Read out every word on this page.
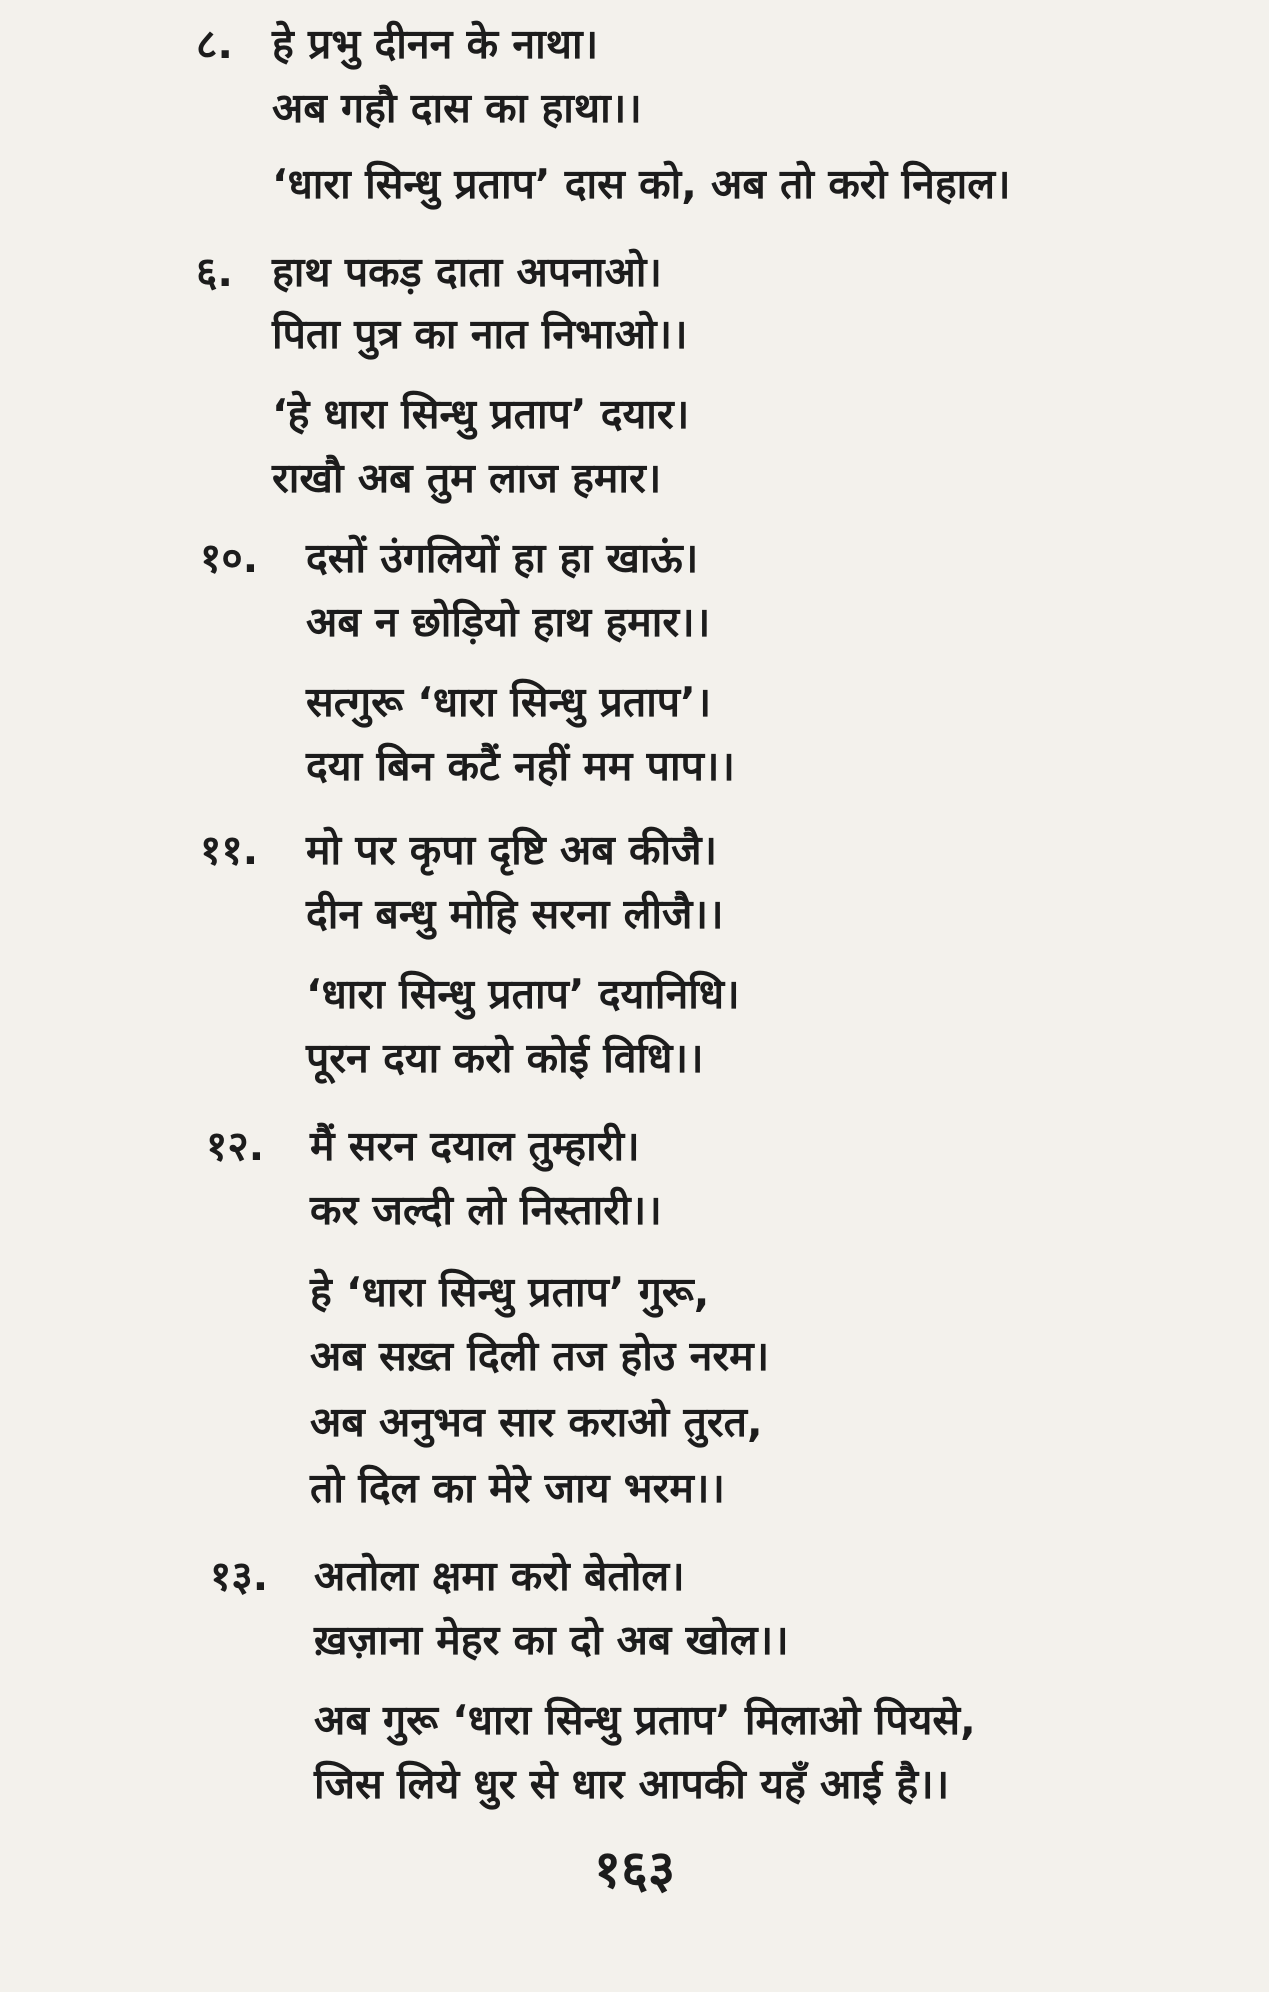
८. हे प्रभु दीनन के नाथा।
अब गहौ दास का हाथा।।
‘धारा सिन्धु प्रताप’ दास को, अब तो करो निहाल।
६. हाथ पकड़ दाता अपनाओ।
पिता पुत्र का नात निभाओ।।
‘हे धारा सिन्धु प्रताप’ दयार।
राखौ अब तुम लाज हमार।
१०. दसों उंगलियों हा हा खाऊं।
अब न छोड़ियो हाथ हमार।।
सत्गुरू ‘धारा सिन्धु प्रताप’।
दया बिन कटैं नहीं मम पाप।।
११. मो पर कृपा दृष्टि अब कीजै।
दीन बन्धु मोहि सरना लीजै।।
‘धारा सिन्धु प्रताप’ दयानिधि।
पूरन दया करो कोई विधि।।
१२. मैं सरन दयाल तुम्हारी।
कर जल्दी लो निस्तारी।।
हे ‘धारा सिन्धु प्रताप’ गुरू,
अब सख़्त दिली तज होउ नरम।
अब अनुभव सार कराओ तुरत,
तो दिल का मेरे जाय भरम।।
१३. अतोला क्षमा करो बेतोल।
ख़ज़ाना मेहर का दो अब खोल।।
अब गुरू ‘धारा सिन्धु प्रताप’ मिलाओ पियसे,
जिस लिये धुर से धार आपकी यहँ आई है।।
१६३
